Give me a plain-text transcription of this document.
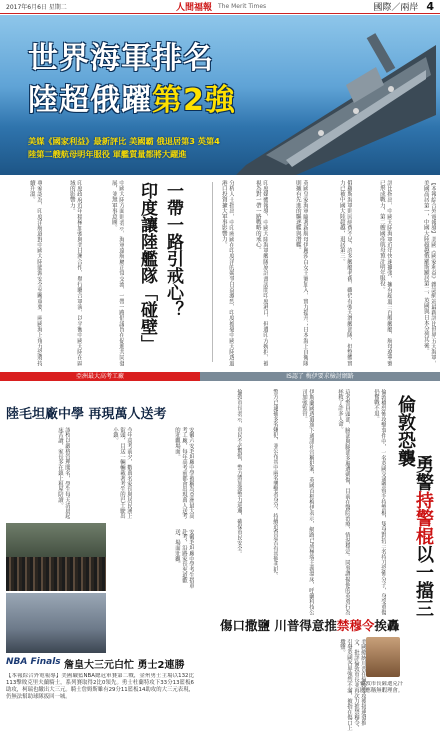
2017年6月6日 星期二	人間福報 The Merit Times	國際／兩岸 4
世界海軍排名
陸超俄躍第2強
美媒《國家利益》最新評比 美國霸 俄退居第3 英第4
陸第二艘航母明年服役 軍艦質量都將大躍進
【本報綜合外電報導】美國《國家利益》雜誌網站最新評比世界五大海軍，美國高居第一，中國大陸超越俄羅斯躍居第二，英國與日本分列其後。
評比指出，中國大陸海軍近年快速擴張，擁有超過三百艘艦艇，航母遼寧號已形成戰力，第二艘國產航母預計明年服役。
俄羅斯海軍則因經費不足，許多艦艇老舊，雖仍有強大潛艦部隊，但整體實力已被中國大陸超越，退居第三。
英國皇家海軍隨著新航母伊麗莎白女王號加入，實力提升；日本海上自衛隊則擁有先進的驅逐艦與潛艦。
印度媒體報導，中國大陸海軍艦隊原計畫訪問印度港口，但遭印方婉拒，被視為對一帶一路戰略的戒心。
分析人士指出，中印兩國在印度洋的競爭日益激烈，印度擔憂中國大陸透過港口投資擴大軍事影響力。
一帶一路引戒心？
印度讓陸艦隊「碰壁」
中國大陸方面則表示，海軍遠航屬正常交流，一帶一路倡議旨在促進共同發展，並無軍事意圖。
印度政府近年積極加強與美日澳合作，舉行聯合軍演，以平衡中國大陸在區域的影響力。
專家認為，印度洋航道對中國大陸能源安全至關重要，兩國海上角力恐將持續升溫。
亞洲最大高考工廠	IS認了 梅伊要求檢討網路
陸毛坦廠中學 再現萬人送考
安徽六安毛坦廠中學被稱為亞洲最大高考工廠，每年高考前都會出現萬人送考的壯觀場面。
今年高考前夕，數萬名家長與居民湧上街頭，目送一輛輛載著考生的巴士駛出小鎮。
該校以嚴格管理聞名，學生每天清晨起床苦讀，家長多在鎮上租屋陪讀。
安徽毛坦廠中學考生搭車赴考，沿路家長夾道歡送，場面壯觀。
NBA Finals 詹皇大三元白忙 勇士2連勝
【本報綜合外電報導】美國職籃NBA總冠軍賽第二戰，金州勇士主場以132比113擊敗克里夫蘭騎士，系列賽取得2比0領先。勇士杜蘭特攻下33分13籃板6助攻，柯瑞也繳出大三元。騎士詹姆斯雖有29分11籃板14助攻的大三元表現，仍無法幫助球隊扳回一城。
倫敦橋恐怖攻擊事件中，一名英國交通警察手持警棍，隻身對抗三名持刀恐怖分子，身受重傷仍奮戰不退。
這名警員頭部、臉部與腿部多處遭刺傷，目前在醫院治療，情況穩定。同事讚揚他的英勇行為拯救了許多人命。
伊斯蘭國透過旗下通訊社宣稱犯案，英國首相梅伊表示，網路已成極端主義溫床，呼籲科技公司加強監管。
警方已逮捕多名嫌犯，並公布其中兩名襲擊者身分，持續追查是否有其他共犯。
倫敦市長表示，市民不必驚慌，警方將加派警力巡邏，確保市民安全。	倫敦恐襲
勇警持警棍以一擋三
傷口撒鹽 川普得意推禁穆令挨轟
美國總統川普在倫敦恐攻後接連發推文，批評倫敦市長並再次力推禁穆令，引發英國各界強烈不滿，被指在傷口上撒鹽。
倫敦市長薩迪克汗回應稱無暇理會。
